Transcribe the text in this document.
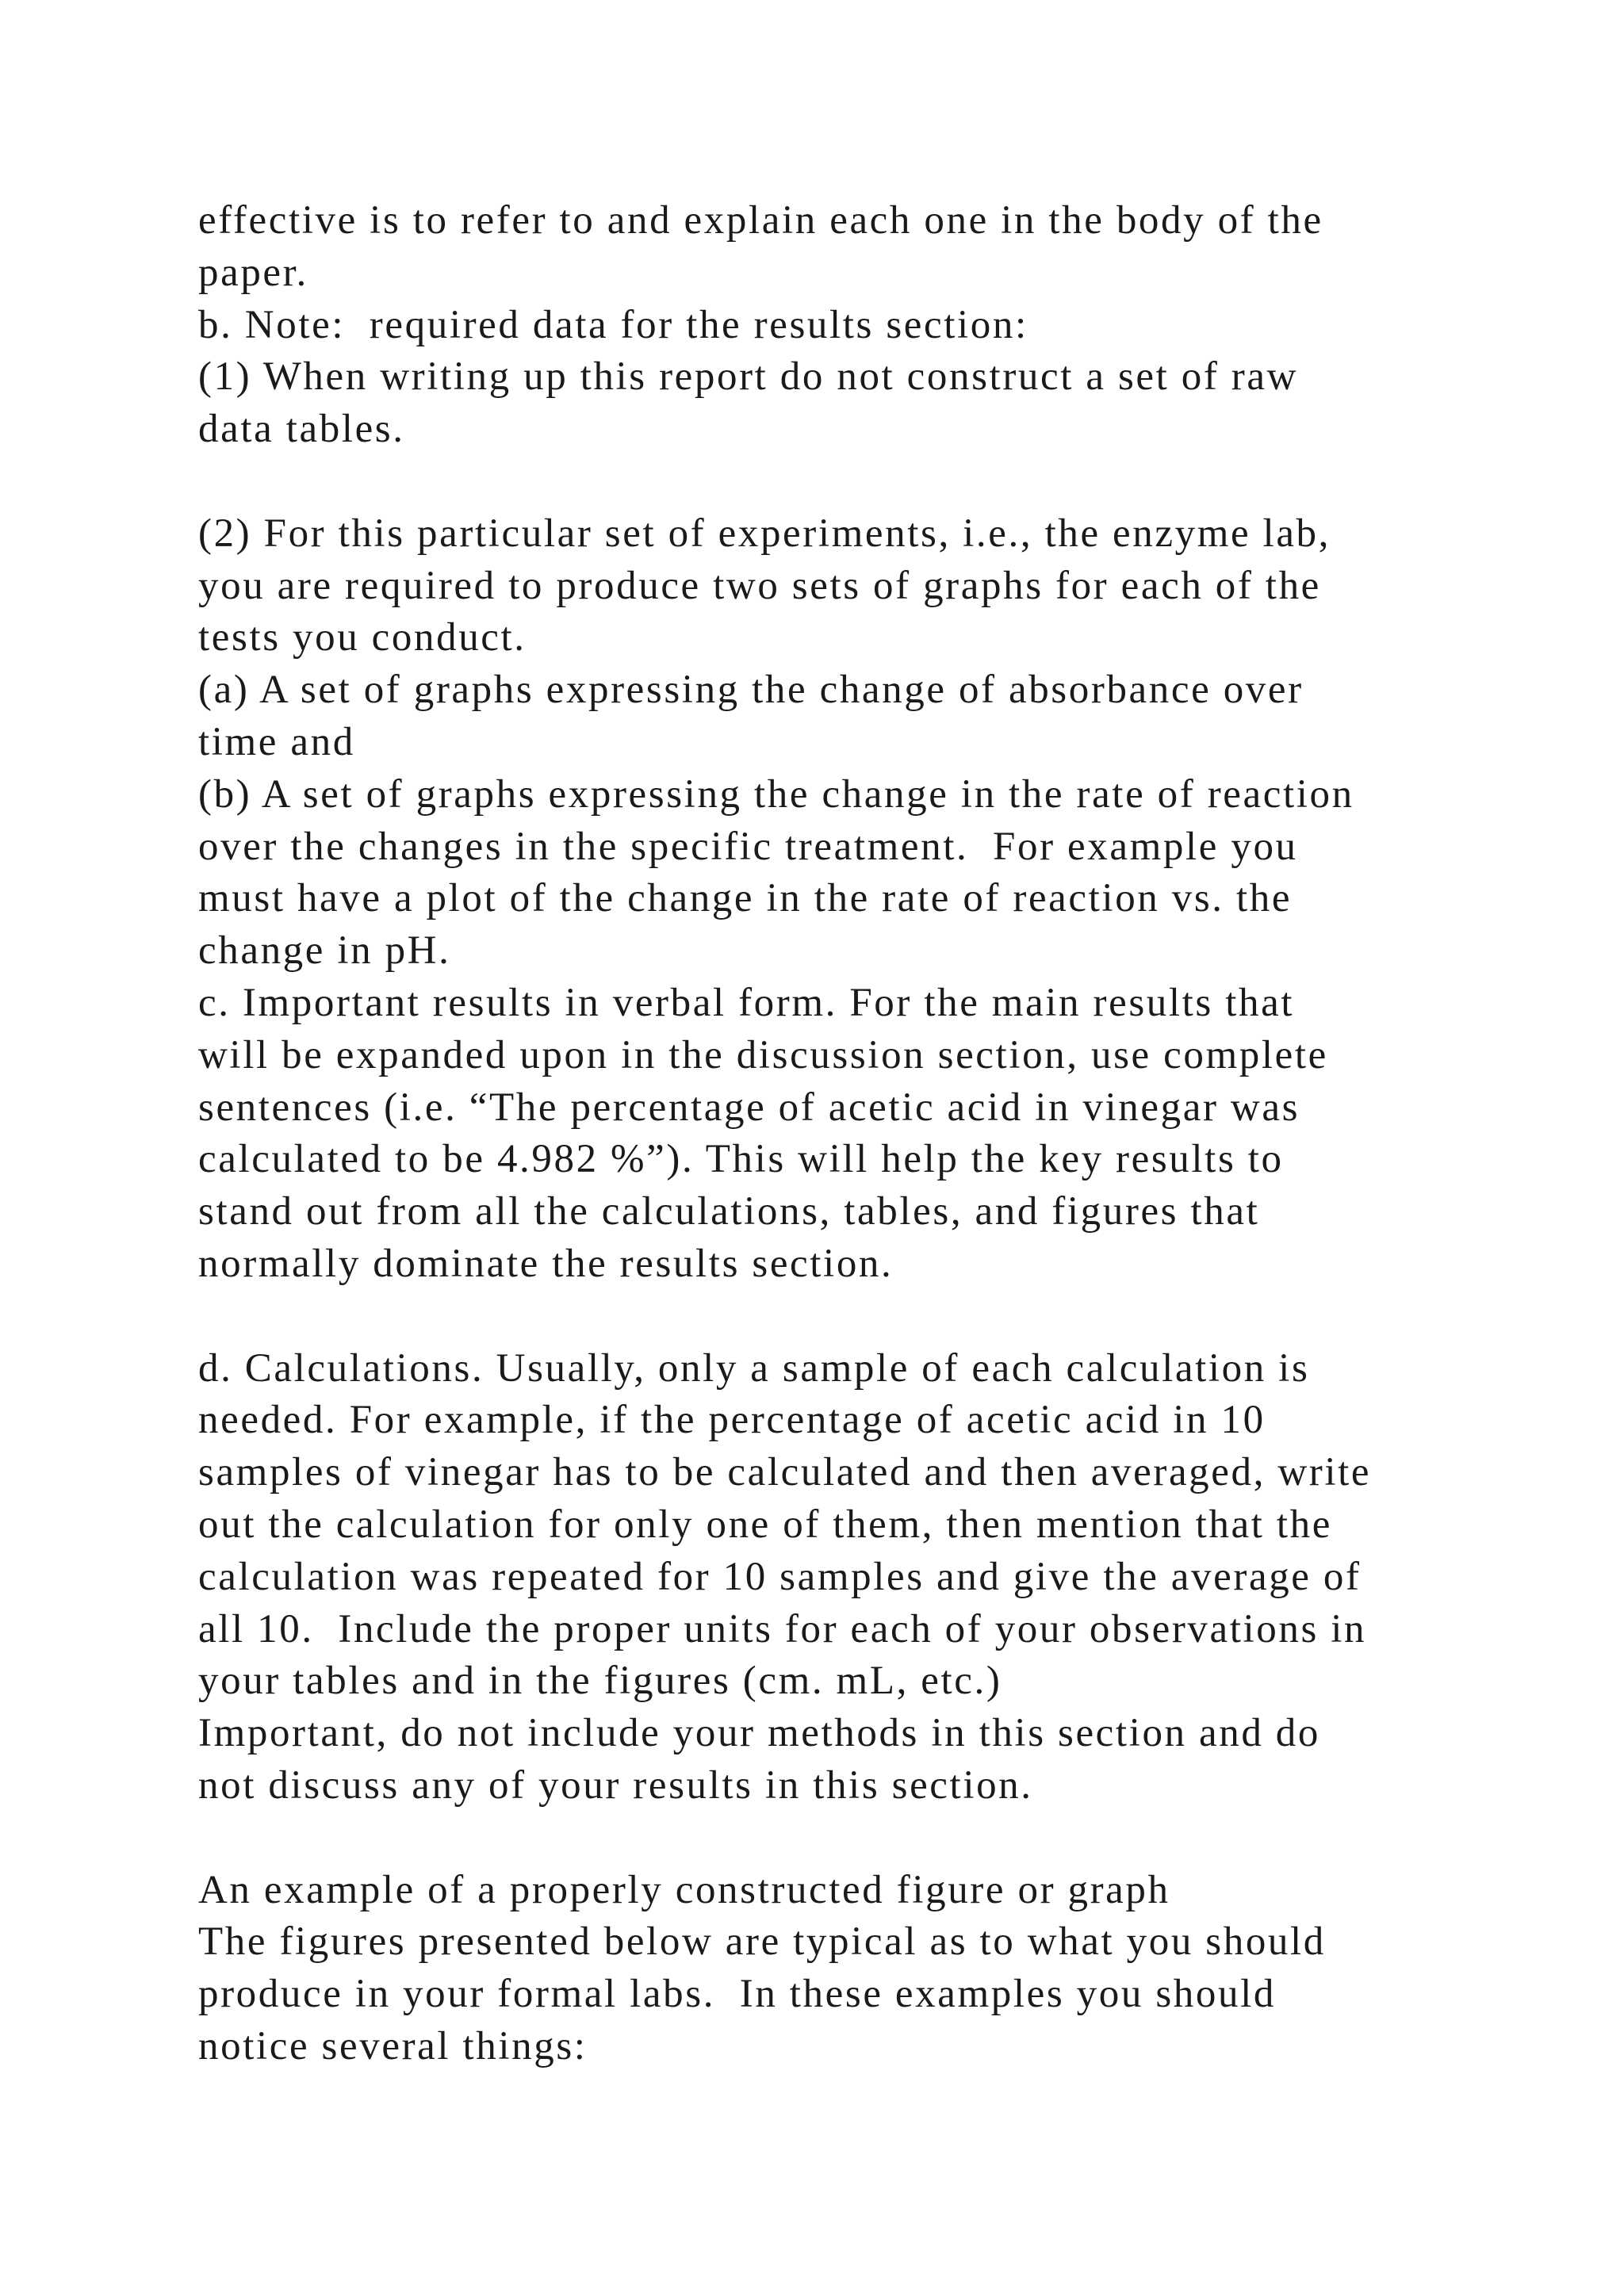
effective is to refer to and explain each one in the body of the
paper.
b. Note:  required data for the results section:
(1) When writing up this report do not construct a set of raw
data tables.
(2) For this particular set of experiments, i.e., the enzyme lab,
you are required to produce two sets of graphs for each of the
tests you conduct.
(a) A set of graphs expressing the change of absorbance over
time and
(b) A set of graphs expressing the change in the rate of reaction
over the changes in the specific treatment.  For example you
must have a plot of the change in the rate of reaction vs. the
change in pH.
c. Important results in verbal form. For the main results that
will be expanded upon in the discussion section, use complete
sentences (i.e. “The percentage of acetic acid in vinegar was
calculated to be 4.982 %”). This will help the key results to
stand out from all the calculations, tables, and figures that
normally dominate the results section.
d. Calculations. Usually, only a sample of each calculation is
needed. For example, if the percentage of acetic acid in 10
samples of vinegar has to be calculated and then averaged, write
out the calculation for only one of them, then mention that the
calculation was repeated for 10 samples and give the average of
all 10.  Include the proper units for each of your observations in
your tables and in the figures (cm. mL, etc.)
Important, do not include your methods in this section and do
not discuss any of your results in this section.
An example of a properly constructed figure or graph
The figures presented below are typical as to what you should
produce in your formal labs.  In these examples you should
notice several things:
